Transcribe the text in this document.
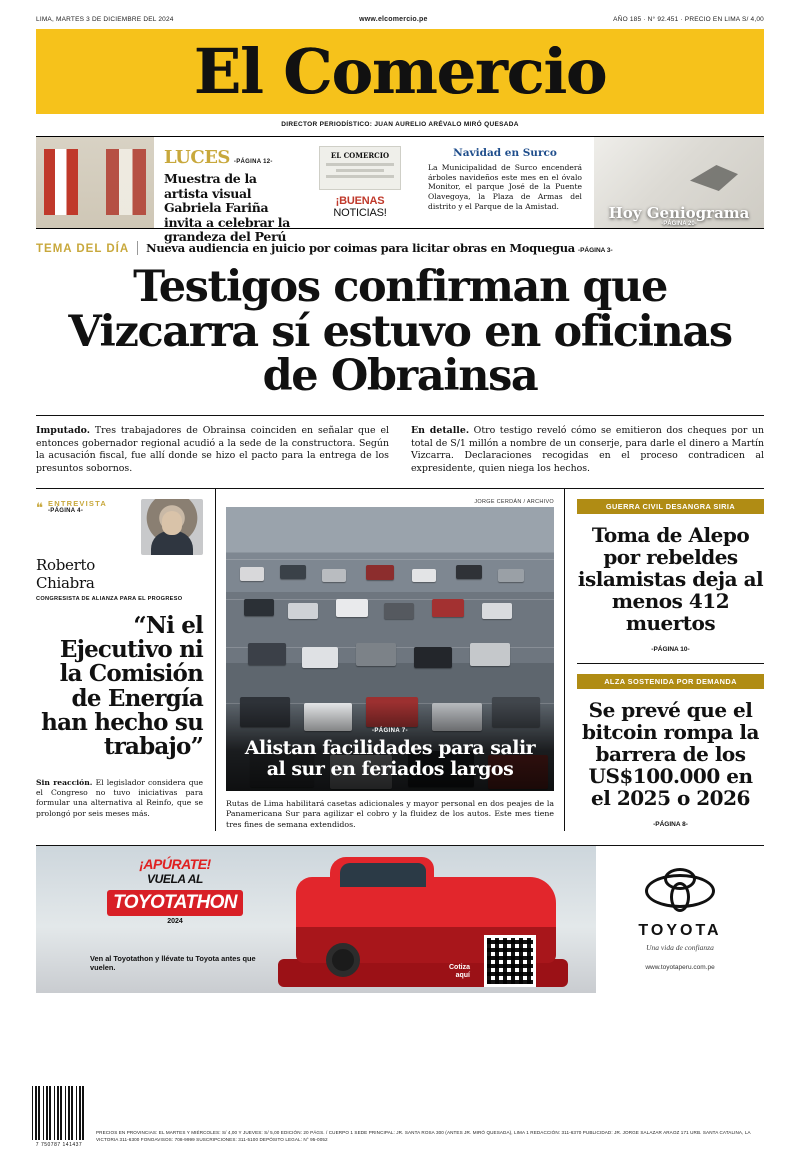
LIMA, MARTES 3 DE DICIEMBRE DEL 2024	www.elcomercio.pe	AÑO 185 · N° 92.451 · PRECIO EN LIMA S/ 4,00
El Comercio
DIRECTOR PERIODÍSTICO: JUAN AURELIO ARÉVALO MIRÓ QUESADA
LUCES -PÁGINA 12-
Muestra de la artista visual Gabriela Fariña invita a celebrar la grandeza del Perú
EL COMERCIO
¡BUENAS
NOTICIAS!
Navidad en Surco

La Municipalidad de Surco encenderá árboles navideños este mes en el óvalo Monitor, el parque José de la Puente Olavegoya, la Plaza de Armas del distrito y el Parque de la Amistad.	Hoy Geniograma
-PÁGINA 20-
TEMA DEL DÍA Nueva audiencia en juicio por coimas para licitar obras en Moquegua -PÁGINA 3-
Testigos confirman que Vizcarra sí estuvo en oficinas de Obrainsa
Imputado. Tres trabajadores de Obrainsa coinciden en señalar que el entonces gobernador regional acudió a la sede de la constructora. Según la acusación fiscal, fue allí donde se hizo el pacto para la entrega de los presuntos sobornos.
En detalle. Otro testigo reveló cómo se emitieron dos cheques por un total de S/1 millón a nombre de un conserje, para darle el dinero a Martín Vizcarra. Declaraciones recogidas en el proceso contradicen al expresidente, quien niega los hechos.
❝ ENTREVISTA
-PÁGINA 4-
Roberto
Chiabra
CONGRESISTA DE ALIANZA PARA EL PROGRESO
“Ni el Ejecutivo ni la Comisión de Energía han hecho su trabajo”
Sin reacción. El legislador considera que el Congreso no tuvo iniciativas para formular una alternativa al Reinfo, que se prolongó por seis meses más.
JORGE CERDÁN / ARCHIVO
-PÁGINA 7-
Alistan facilidades para salir al sur en feriados largos
Rutas de Lima habilitará casetas adicionales y mayor personal en dos peajes de la Panamericana Sur para agilizar el cobro y la fluidez de los autos. Este mes tiene tres fines de semana extendidos.
GUERRA CIVIL DESANGRA SIRIA
Toma de Alepo por rebeldes islamistas deja al menos 412 muertos
-PÁGINA 10-
ALZA SOSTENIDA POR DEMANDA
Se prevé que el bitcoin rompa la barrera de los US$100.000 en el 2025 o 2026
-PÁGINA 8-
¡APÚRATE!
VUELA AL
TOYOTATHON
2024
Ven al Toyotathon y llévate tu Toyota antes que vuelen.	Cotiza
aquí
TOYOTA
Una vida de confianza
www.toyotaperu.com.pe
7 750787 141437
PRECIOS EN PROVINCIAS: EL MARTES Y MIÉRCOLES: S/ 4,00 Y JUEVES: S/ 5,00 EDICIÓN: 20 PÁGS. / CUERPO 1 SEDE PRINCIPAL: JR. SANTA ROSA 300 (ANTES JR. MIRÓ QUESADA), LIMA 1 REDACCIÓN: 311-6370 PUBLICIDAD: JR. JORGE SALAZAR ARAOZ 171 URB. SANTA CATALINA, LA VICTORIA 311-6300 FONOAVISOS: 708-9999 SUSCRIPCIONES: 311-5100 DEPÓSITO LEGAL: N° 95-0052
